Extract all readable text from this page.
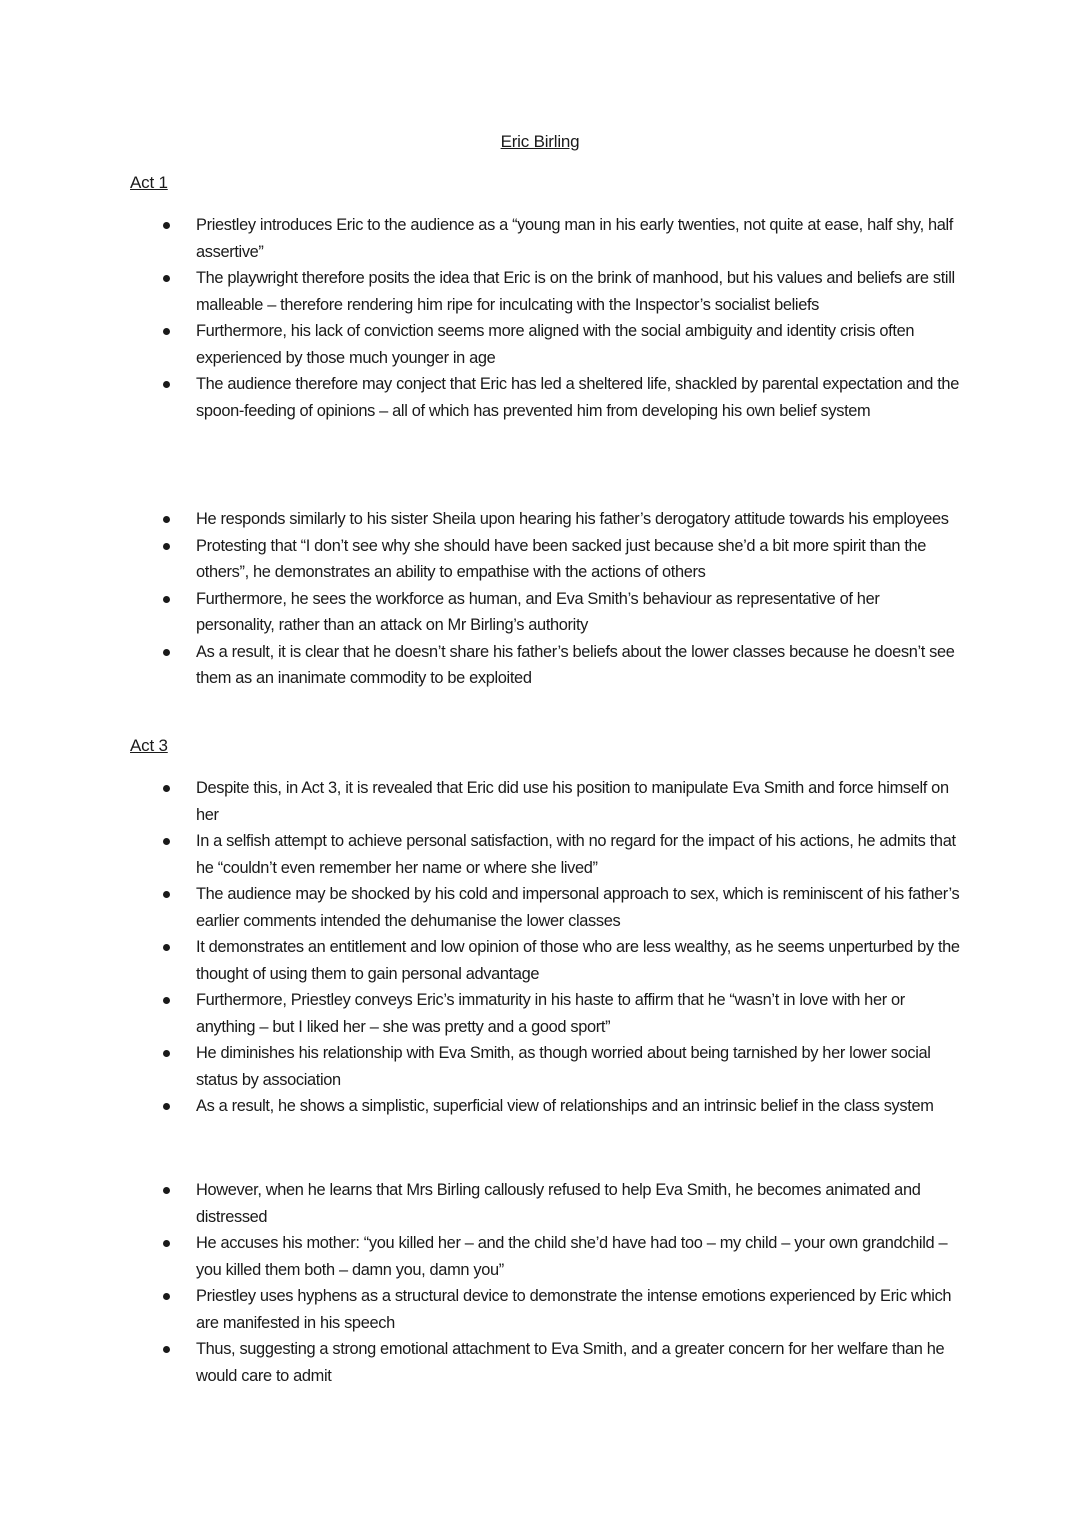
Eric Birling
Act 1
Priestley introduces Eric to the audience as a “young man in his early twenties, not quite at ease, half shy, half assertive”
The playwright therefore posits the idea that Eric is on the brink of manhood, but his values and beliefs are still malleable – therefore rendering him ripe for inculcating with the Inspector’s socialist beliefs
Furthermore, his lack of conviction seems more aligned with the social ambiguity and identity crisis often experienced by those much younger in age
The audience therefore may conject that Eric has led a sheltered life, shackled by parental expectation and the spoon-feeding of opinions – all of which has prevented him from developing his own belief system
He responds similarly to his sister Sheila upon hearing his father’s derogatory attitude towards his employees
Protesting that “I don’t see why she should have been sacked just because she’d a bit more spirit than the others”, he demonstrates an ability to empathise with the actions of others
Furthermore, he sees the workforce as human, and Eva Smith’s behaviour as representative of her personality, rather than an attack on Mr Birling’s authority
As a result, it is clear that he doesn’t share his father’s beliefs about the lower classes because he doesn’t see them as an inanimate commodity to be exploited
Act 3
Despite this, in Act 3, it is revealed that Eric did use his position to manipulate Eva Smith and force himself on her
In a selfish attempt to achieve personal satisfaction, with no regard for the impact of his actions, he admits that he “couldn’t even remember her name or where she lived”
The audience may be shocked by his cold and impersonal approach to sex, which is reminiscent of his father’s earlier comments intended the dehumanise the lower classes
It demonstrates an entitlement and low opinion of those who are less wealthy, as he seems unperturbed by the thought of using them to gain personal advantage
Furthermore, Priestley conveys Eric’s immaturity in his haste to affirm that he “wasn’t in love with her or anything – but I liked her – she was pretty and a good sport”
He diminishes his relationship with Eva Smith, as though worried about being tarnished by her lower social status by association
As a result, he shows a simplistic, superficial view of relationships and an intrinsic belief in the class system
However, when he learns that Mrs Birling callously refused to help Eva Smith, he becomes animated and distressed
He accuses his mother: “you killed her – and the child she’d have had too – my child – your own grandchild – you killed them both – damn you, damn you”
Priestley uses hyphens as a structural device to demonstrate the intense emotions experienced by Eric which are manifested in his speech
Thus, suggesting a strong emotional attachment to Eva Smith, and a greater concern for her welfare than he would care to admit
